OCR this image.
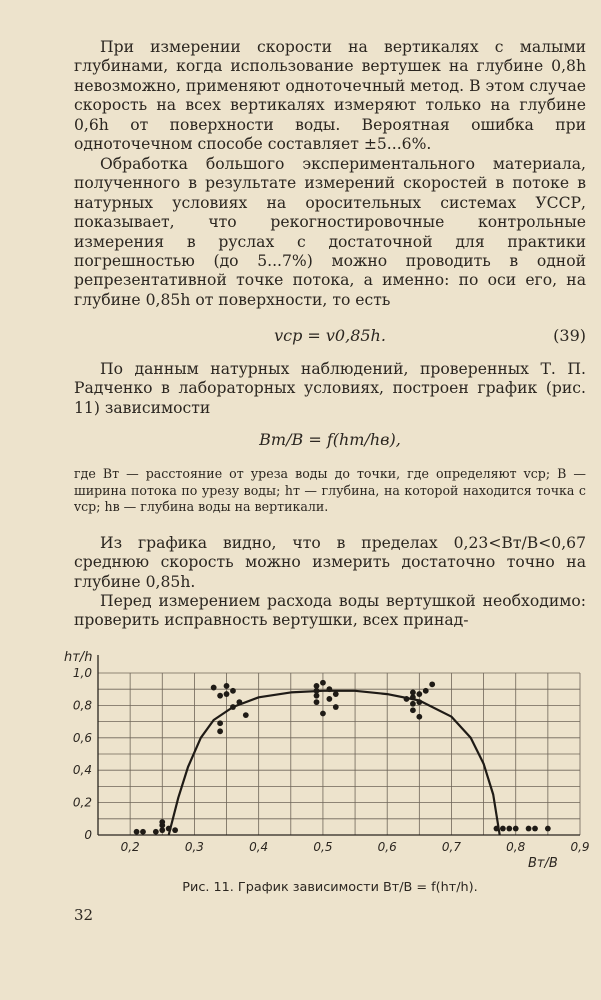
При измерении скорости на вертикалях с малыми глубинами, когда использование вертушек на глубине 0,8h невозможно, применяют одноточечный метод. В этом случае скорость на всех вертикалях измеряют только на глубине 0,6h от поверхности воды. Вероятная ошибка при одноточечном способе составляет ±5...6%.

Обработка большого экспериментального материала, полученного в результате измерений скоростей в потоке в натурных условиях на оросительных системах УССР, показывает, что рекогностировочные контрольные измерения в руслах с достаточной для практики погрешностью (до 5...7%) можно проводить в одной репрезентативной точке потока, а именно: по оси его, на глубине 0,85h от поверхности, то есть

vср = v0,85h.	(39)

По данным натурных наблюдений, проверенных Т. П. Радченко в лабораторных условиях, построен график (рис. 11) зависимости

Bт/B = f(hт/hв),

где Bт — расстояние от уреза воды до точки, где определяют vср; B — ширина потока по урезу воды; hт — глубина, на которой находится точка с vср; hв — глубина воды на вертикали.

Из графика видно, что в пределах 0,23<Bт/B<0,67 среднюю скорость можно измерить достаточно точно на глубине 0,85h.

Перед измерением расхода воды вертушкой необходимо: проверить исправность вертушки, всех принад-

0,2	0,3	0,4	0,5	0,6	0,7	0,8	0,9
0
0,2
0,4
0,6
0,8
1,0
hт/h
Bт/B
Рис. 11. График зависимости Bт/B = f(hт/h).
32
